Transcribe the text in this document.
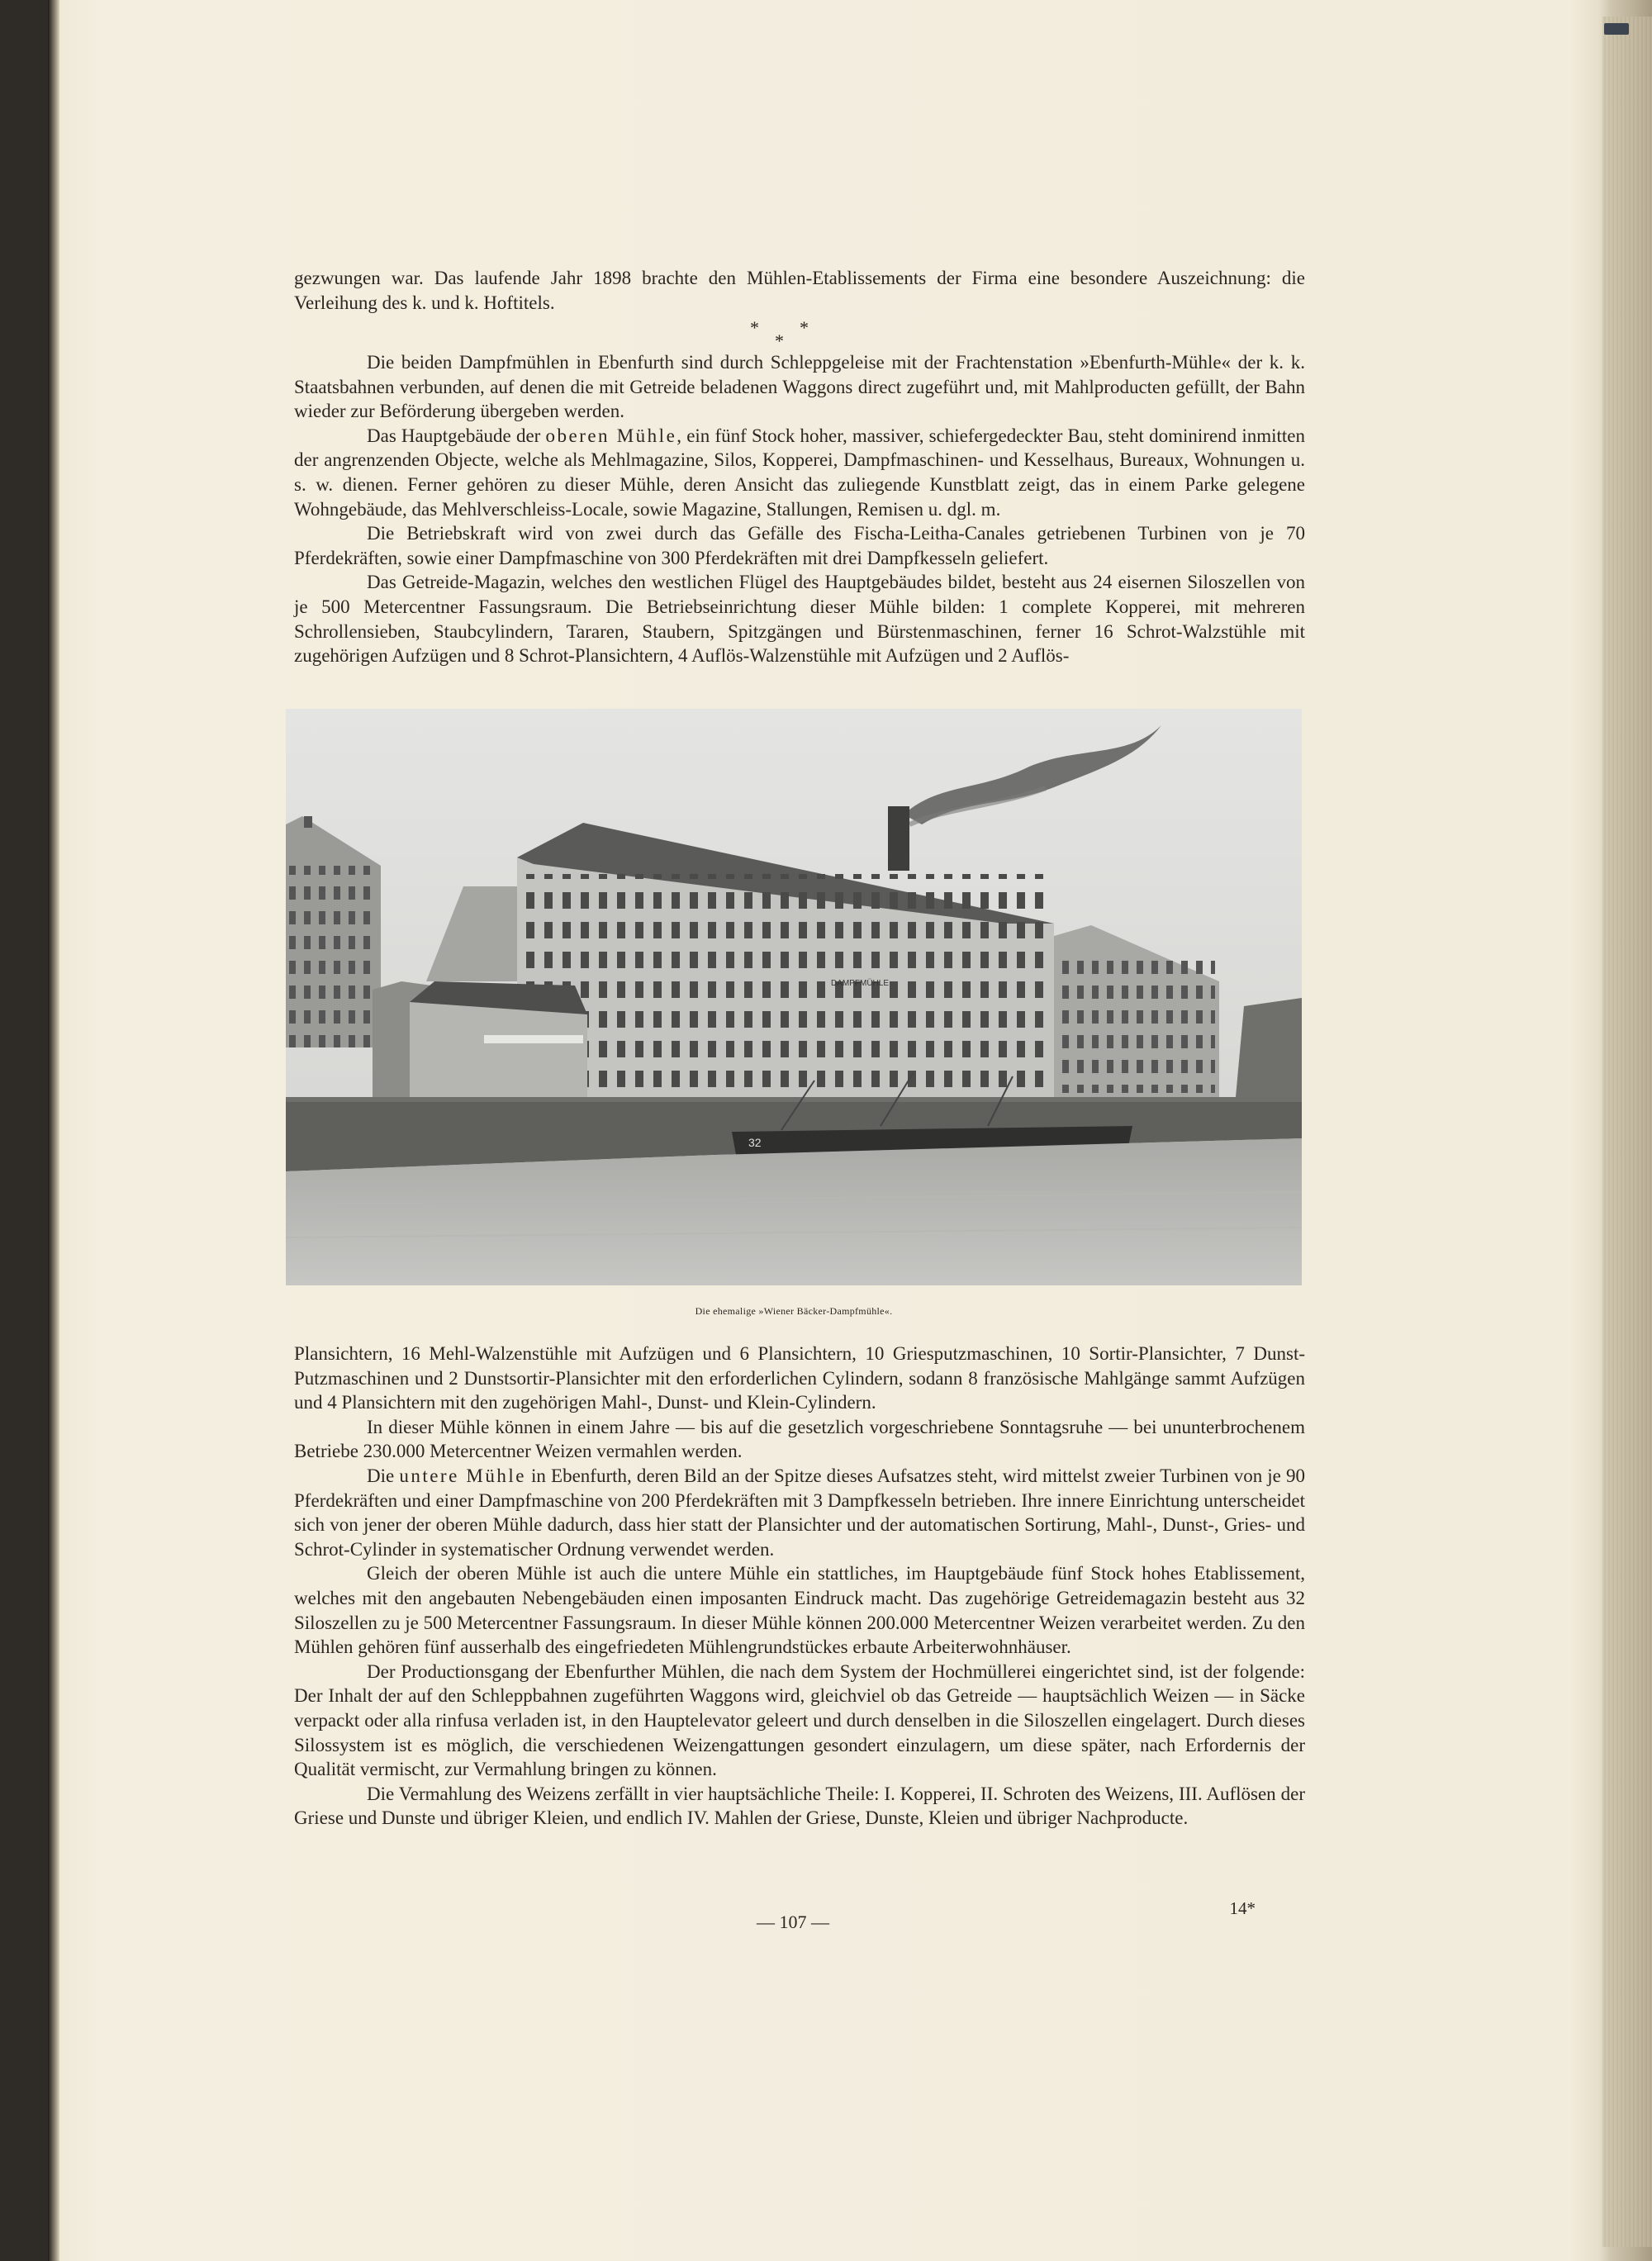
gezwungen war. Das laufende Jahr 1898 brachte den Mühlen-Etablissements der Firma eine besondere Auszeichnung: die Verleihung des k. und k. Hoftitels.

*
*
*

Die beiden Dampfmühlen in Ebenfurth sind durch Schleppgeleise mit der Frachtenstation »Ebenfurth-Mühle« der k. k. Staatsbahnen verbunden, auf denen die mit Getreide beladenen Waggons direct zugeführt und, mit Mahlproducten gefüllt, der Bahn wieder zur Beförderung übergeben werden.

Das Hauptgebäude der oberen Mühle, ein fünf Stock hoher, massiver, schiefergedeckter Bau, steht dominirend inmitten der angrenzenden Objecte, welche als Mehlmagazine, Silos, Kopperei, Dampfmaschinen- und Kesselhaus, Bureaux, Wohnungen u. s. w. dienen. Ferner gehören zu dieser Mühle, deren Ansicht das zuliegende Kunstblatt zeigt, das in einem Parke gelegene Wohngebäude, das Mehlverschleiss-Locale, sowie Magazine, Stallungen, Remisen u. dgl. m.

Die Betriebskraft wird von zwei durch das Gefälle des Fischa-Leitha-Canales getriebenen Turbinen von je 70 Pferdekräften, sowie einer Dampfmaschine von 300 Pferdekräften mit drei Dampfkesseln geliefert.

Das Getreide-Magazin, welches den westlichen Flügel des Hauptgebäudes bildet, besteht aus 24 eisernen Siloszellen von je 500 Metercentner Fassungsraum. Die Betriebseinrichtung dieser Mühle bilden: 1 complete Kopperei, mit mehreren Schrollensieben, Staubcylindern, Tararen, Staubern, Spitzgängen und Bürstenmaschinen, ferner 16 Schrot-Walzstühle mit zugehörigen Aufzügen und 8 Schrot-Plansichtern, 4 Auflös-Walzenstühle mit Aufzügen und 2 Auflös-

DAMPFMÜHLE
32
Die ehemalige »Wiener Bäcker-Dampfmühle«.

Plansichtern, 16 Mehl-Walzenstühle mit Aufzügen und 6 Plansichtern, 10 Griesputzmaschinen, 10 Sortir-Plansichter, 7 Dunst-Putzmaschinen und 2 Dunstsortir-Plansichter mit den erforderlichen Cylindern, sodann 8 französische Mahlgänge sammt Aufzügen und 4 Plansichtern mit den zugehörigen Mahl-, Dunst- und Klein-Cylindern.

In dieser Mühle können in einem Jahre — bis auf die gesetzlich vorgeschriebene Sonntagsruhe — bei ununterbrochenem Betriebe 230.000 Metercentner Weizen vermahlen werden.

Die untere Mühle in Ebenfurth, deren Bild an der Spitze dieses Aufsatzes steht, wird mittelst zweier Turbinen von je 90 Pferdekräften und einer Dampfmaschine von 200 Pferdekräften mit 3 Dampfkesseln betrieben. Ihre innere Einrichtung unterscheidet sich von jener der oberen Mühle dadurch, dass hier statt der Plansichter und der automatischen Sortirung, Mahl-, Dunst-, Gries- und Schrot-Cylinder in systematischer Ordnung verwendet werden.

Gleich der oberen Mühle ist auch die untere Mühle ein stattliches, im Hauptgebäude fünf Stock hohes Etablissement, welches mit den angebauten Nebengebäuden einen imposanten Eindruck macht. Das zugehörige Getreidemagazin besteht aus 32 Siloszellen zu je 500 Metercentner Fassungsraum. In dieser Mühle können 200.000 Metercentner Weizen verarbeitet werden. Zu den Mühlen gehören fünf ausserhalb des eingefriedeten Mühlengrundstückes erbaute Arbeiterwohnhäuser.

Der Productionsgang der Ebenfurther Mühlen, die nach dem System der Hochmüllerei eingerichtet sind, ist der folgende: Der Inhalt der auf den Schleppbahnen zugeführten Waggons wird, gleichviel ob das Getreide — hauptsächlich Weizen — in Säcke verpackt oder alla rinfusa verladen ist, in den Hauptelevator geleert und durch denselben in die Siloszellen eingelagert. Durch dieses Silossystem ist es möglich, die verschiedenen Weizengattungen gesondert einzulagern, um diese später, nach Erfordernis der Qualität vermischt, zur Vermahlung bringen zu können.

Die Vermahlung des Weizens zerfällt in vier hauptsächliche Theile: I. Kopperei, II. Schroten des Weizens, III. Auflösen der Griese und Dunste und übriger Kleien, und endlich IV. Mahlen der Griese, Dunste, Kleien und übriger Nachproducte.

14*
— 107 —
